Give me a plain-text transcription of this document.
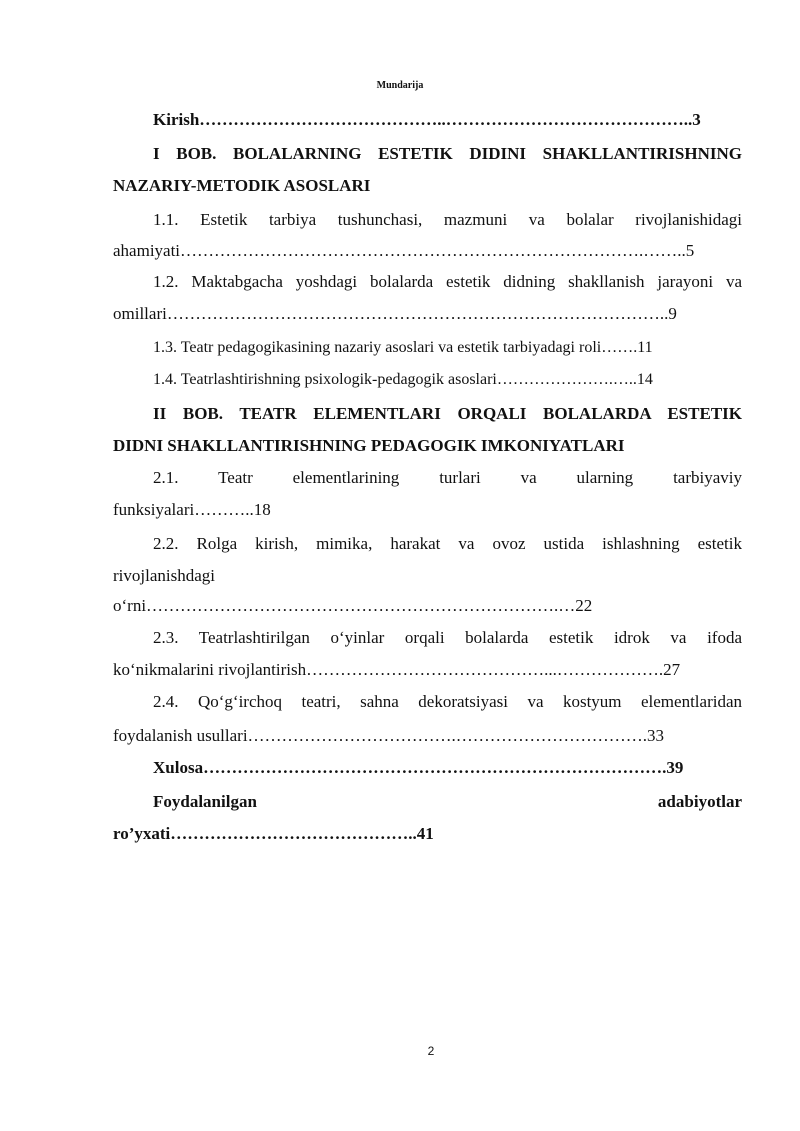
Mundarija
Kirish……………………………………..……………………………………..3
I BOB. BOLALARNING ESTETIK DIDINI SHAKLLANTIRISHNING
NAZARIY-METODIK ASOSLARI
1.1. Estetik tarbiya tushunchasi, mazmuni va bolalar rivojlanishidagi
ahamiyati……………………………………………………………………….……..5
1.2. Maktabgacha yoshdagi bolalarda estetik didning shakllanish jarayoni va
omillari……………………………………………………………………………..9
1.3. Teatr pedagogikasining nazariy asoslari va estetik tarbiyadagi roli…….11
1.4. Teatrlashtirishning psixologik-pedagogik asoslari………………….…..14
II BOB. TEATR ELEMENTLARI ORQALI BOLALARDA ESTETIK
DIDNI SHAKLLANTIRISHNING PEDAGOGIK IMKONIYATLARI
2.1. Teatr elementlarining turlari va ularning tarbiyaviy
funksiyalari………..18
2.2. Rolga kirish, mimika, harakat va ovoz ustida ishlashning estetik
rivojlanishdagi
o‘rni……………………………………………………………….…22
2.3. Teatrlashtirilgan o‘yinlar orqali bolalarda estetik idrok va ifoda
ko‘nikmalarini rivojlantirish……………………………………...……………….27
2.4. Qo‘g‘irchoq teatri, sahna dekoratsiyasi va kostyum elementlaridan
foydalanish usullari……………………………….…………………………….33
Xulosa……………………………………………………………………….39
Foydalanilgan adabiyotlar
ro’yxati……………………………………..41
2
